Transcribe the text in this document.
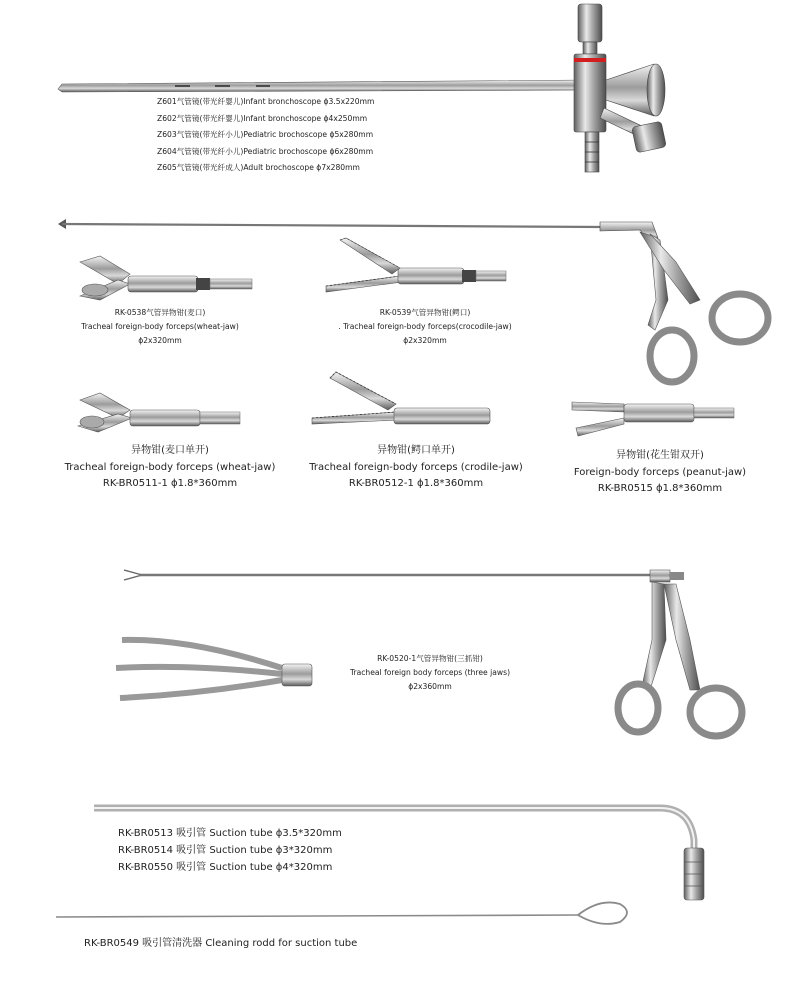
Z601气管镜(带光纤婴儿)Infant bronchoscope ϕ3.5x220mm
Z602气管镜(带光纤婴儿)Infant bronchoscope ϕ4x250mm
Z603气管镜(带光纤小儿)Pediatric brochoscope ϕ5x280mm
Z604气管镜(带光纤小儿)Pediatric brochoscope ϕ6x280mm
Z605气管镜(带光纤成人)Adult brochoscope ϕ7x280mm
RK-0538气管异物钳(麦口)
Tracheal foreign-body forceps(wheat-jaw)
ϕ2x320mm
RK-0539气管异物钳(鳄口)
. Tracheal foreign-body forceps(crocodile-jaw)
ϕ2x320mm
异物钳(麦口单开)
Tracheal foreign-body forceps (wheat-jaw)
RK-BR0511-1 ϕ1.8*360mm
异物钳(鳄口单开)
Tracheal foreign-body forceps (crodile-jaw)
RK-BR0512-1 ϕ1.8*360mm
异物钳(花生钳双开)
Foreign-body forceps (peanut-jaw)
RK-BR0515 ϕ1.8*360mm
RK-0520-1气管异物钳(三抓钳)
Tracheal foreign body forceps (three jaws)
ϕ2x360mm
RK-BR0513 吸引管 Suction tube ϕ3.5*320mm
RK-BR0514 吸引管 Suction tube ϕ3*320mm
RK-BR0550 吸引管 Suction tube ϕ4*320mm
RK-BR0549 吸引管清洗器 Cleaning rodd for suction tube
